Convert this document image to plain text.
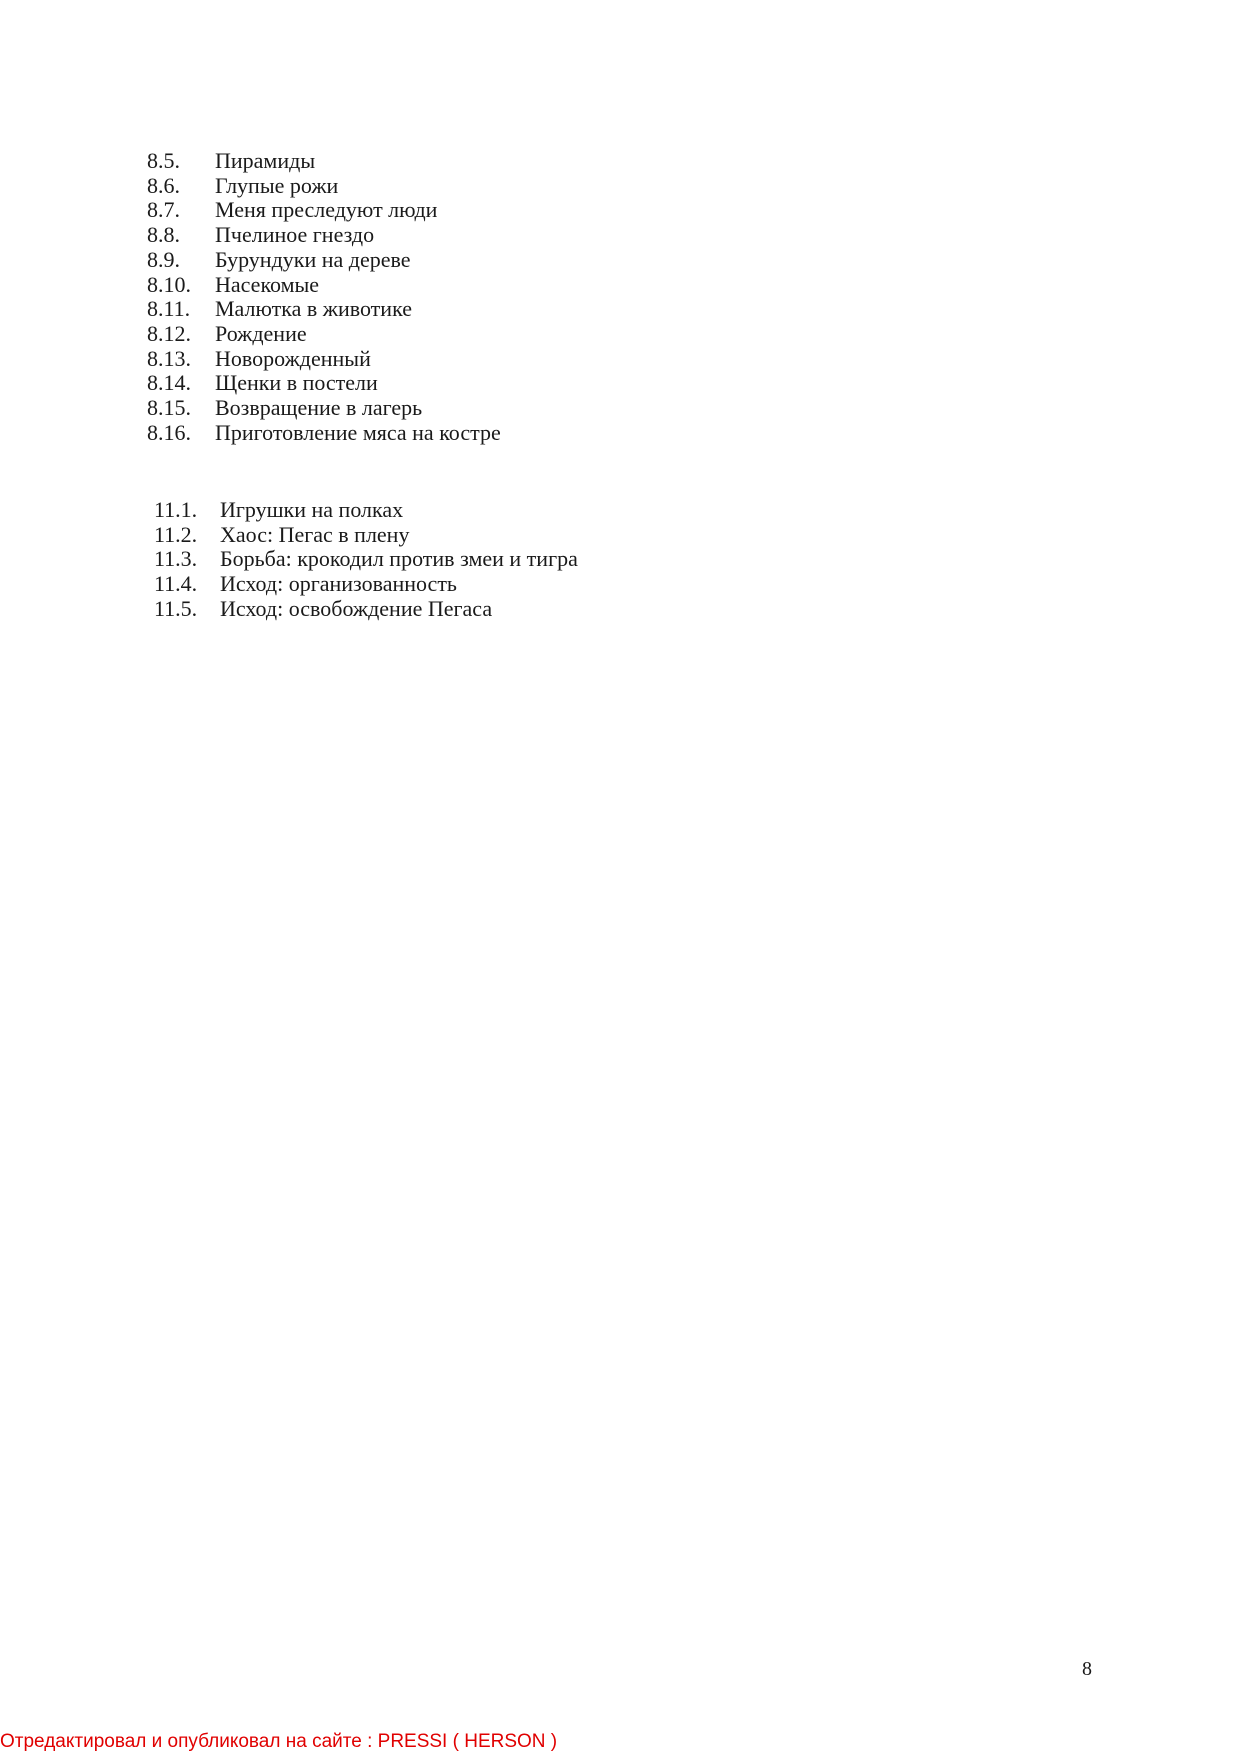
8.5.	Пирамиды
8.6.	Глупые рожи
8.7.	Меня преследуют люди
8.8.	Пчелиное гнездо
8.9.	Бурундуки на дереве
8.10.	Насекомые
8.11.	Малютка в животике
8.12.	Рождение
8.13.	Новорожденный
8.14.	Щенки в постели
8.15.	Возвращение в лагерь
8.16.	Приготовление мяса на костре
11.1.	Игрушки на полках
11.2.	Хаос: Пегас в плену
11.3.	Борьба: крокодил против змеи и тигра
11.4.	Исход: организованность
11.5.	Исход: освобождение Пегаса
8
Отредактировал и опубликовал на сайте : PRESSI ( HERSON )
